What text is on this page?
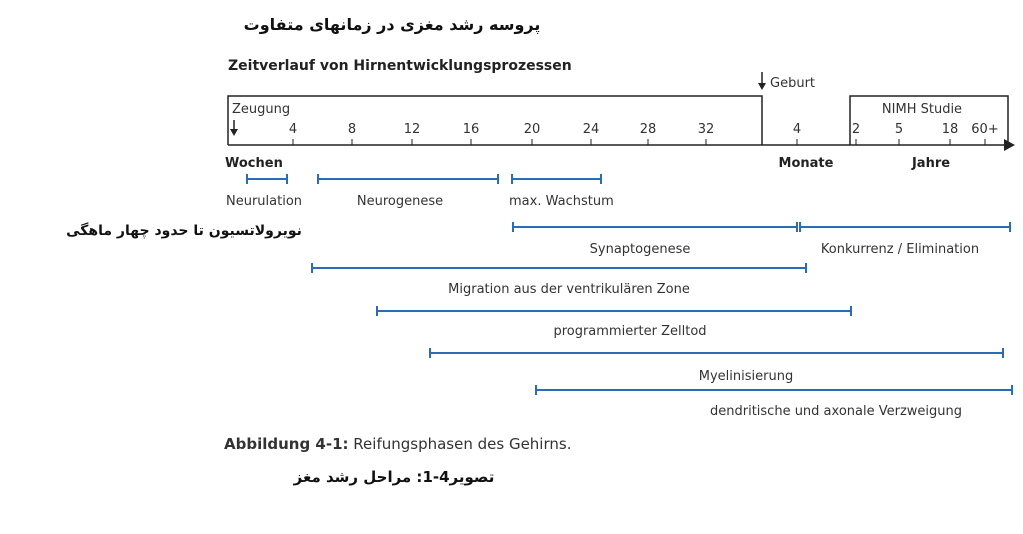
پروسه رشد مغزی در زمانهای متفاوت
Zeitverlauf von Hirnentwicklungsprozessen
Geburt
Zeugung	NIMH Studie
4	8	12	16	20	24	28	32	4	2	5	18 60+
Wochen	Monate	Jahre
Neurulation	Neurogenese	max. Wachstum
Synaptogenese	Konkurrenz / Elimination
Migration aus der ventrikulären Zone
programmierter Zelltod
Myelinisierung
dendritische und axonale Verzweigung
نویرولاتسیون تا حدود چهار ماهگی
Abbildung 4-1: Reifungsphasen des Gehirns.
تصویر4-1: مراحل رشد مغز
